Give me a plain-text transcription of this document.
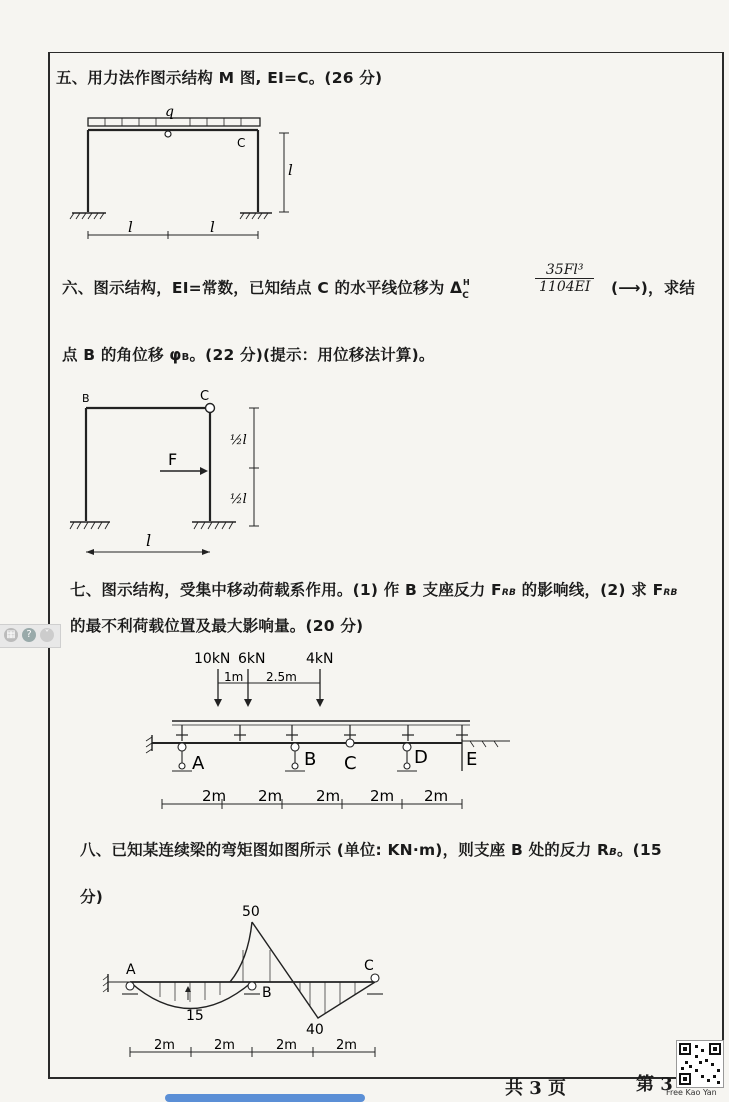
五、用力法作图示结构 M 图, EI=C。(26 分)
q
C
l
l	l
六、图示结构，EI=常数，已知结点 C 的水平线位移为 $\Delta_C^H$	$\frac{\text{35Fl³}}{1104EI}$ (⟶)，求结
点 B 的角位移 φB。(22 分)(提示：用位移法计算)。
B	C
F
½l
½l
l
七、图示结构，受集中移动荷载系作用。(1) 作 B 支座反力 FRB 的影响线，(2) 求 FRB
的最不利荷载位置及最大影响量。(20 分)
10kN 6kN	4kN
1m 2.5m
A	B C	D E
2m 2m 2m 2m 2m
八、已知某连续梁的弯矩图如图所示 (单位: KN·m)，则支座 B 处的反力 RB。(15
分)
A
B
C
50
15
40
2m	2m	2m	2m
共 3 页	第 3
▦	?	˅
Free Kao Yan
